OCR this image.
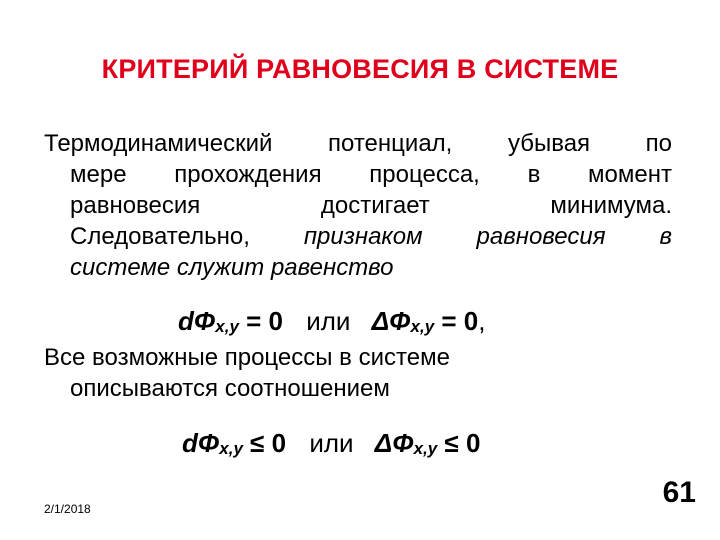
КРИТЕРИЙ РАВНОВЕСИЯ В СИСТЕМЕ
Термодинамический потенциал, убывая по
мере прохождения процесса, в момент
равновесия	достигает	минимума.
Следовательно, признаком равновесия в
системе служит равенство
dΦx,y = 0 или ΔΦx,y = 0,
Все возможные процессы в системе
описываются соотношением
dΦx,y ≤ 0 или ΔΦx,y ≤ 0
2/1/2018	61
